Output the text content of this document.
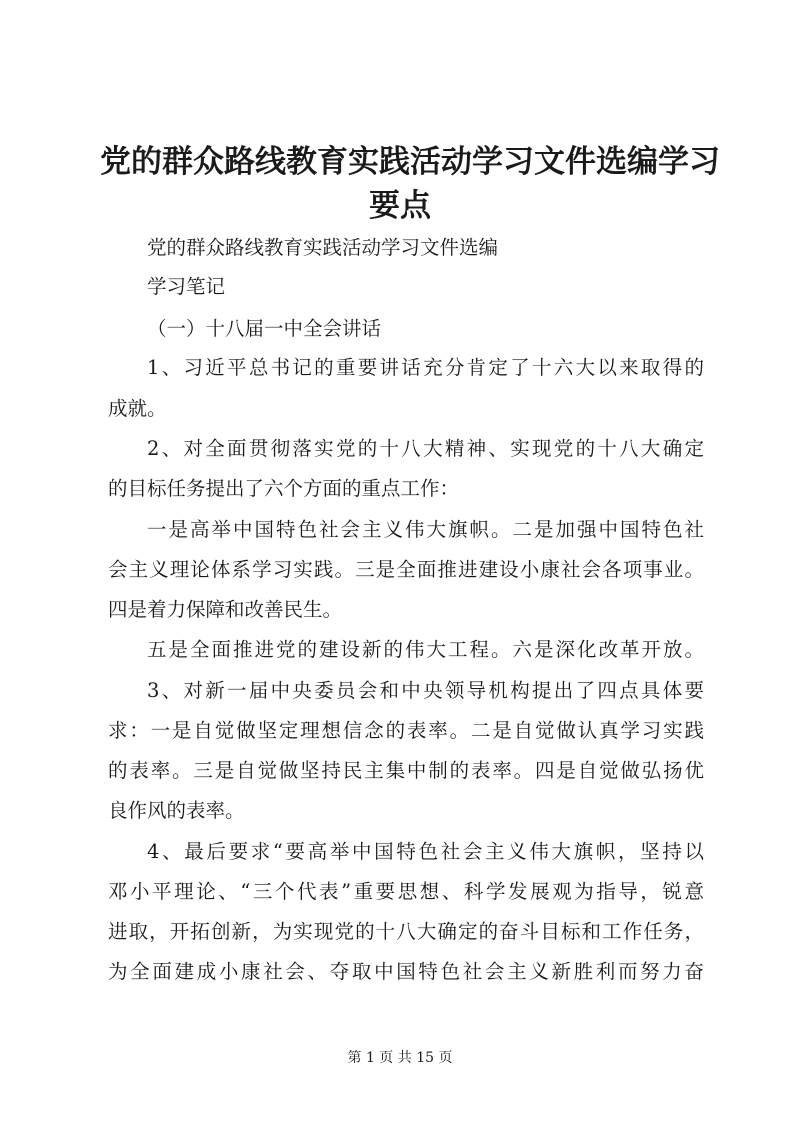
党的群众路线教育实践活动学习文件选编学习
要点

党的群众路线教育实践活动学习文件选编

学习笔记

（一）十八届一中全会讲话

1、习近平总书记的重要讲话充分肯定了十六大以来取得的

成就。

2、对全面贯彻落实党的十八大精神、实现党的十八大确定

的目标任务提出了六个方面的重点工作：

一是高举中国特色社会主义伟大旗帜。二是加强中国特色社

会主义理论体系学习实践。三是全面推进建设小康社会各项事业。

四是着力保障和改善民生。

五是全面推进党的建设新的伟大工程。六是深化改革开放。

3、对新一届中央委员会和中央领导机构提出了四点具体要

求：一是自觉做坚定理想信念的表率。二是自觉做认真学习实践

的表率。三是自觉做坚持民主集中制的表率。四是自觉做弘扬优

良作风的表率。

4、最后要求“要高举中国特色社会主义伟大旗帜，坚持以

邓小平理论、“三个代表”重要思想、科学发展观为指导，锐意

进取，开拓创新，为实现党的十八大确定的奋斗目标和工作任务，

为全面建成小康社会、夺取中国特色社会主义新胜利而努力奋

第 1 页 共 15 页
